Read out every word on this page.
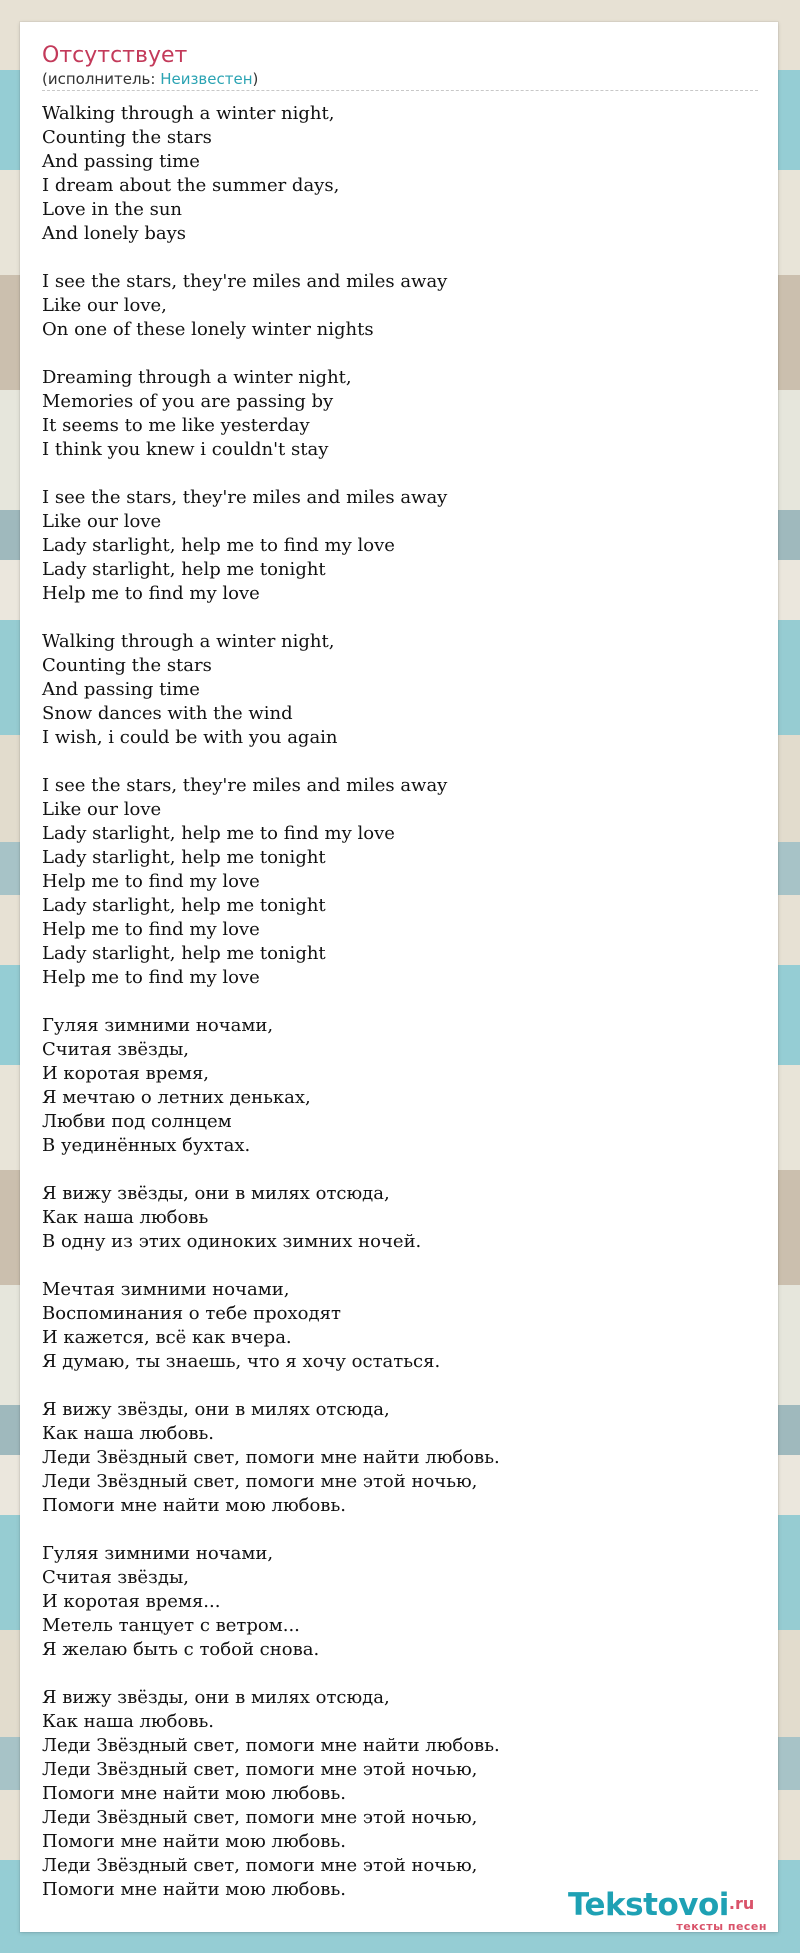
Отсутствует
(исполнитель: Неизвестен)
Walking through a winter night,
Counting the stars
And passing time
I dream about the summer days,
Love in the sun
And lonely bays
I see the stars, they're miles and miles away
Like our love,
On one of these lonely winter nights
Dreaming through a winter night,
Memories of you are passing by
It seems to me like yesterday
I think you knew i couldn't stay
I see the stars, they're miles and miles away
Like our love
Lady starlight, help me to find my love
Lady starlight, help me tonight
Help me to find my love
Walking through a winter night,
Counting the stars
And passing time
Snow dances with the wind
I wish, i could be with you again
I see the stars, they're miles and miles away
Like our love
Lady starlight, help me to find my love
Lady starlight, help me tonight
Help me to find my love
Lady starlight, help me tonight
Help me to find my love
Lady starlight, help me tonight
Help me to find my love
Гуляя зимними ночами,
Считая звёзды,
И коротая время,
Я мечтаю о летних деньках,
Любви под солнцем
В уединённых бухтах.
Я вижу звёзды, они в милях отсюда,
Как наша любовь
В одну из этих одиноких зимних ночей.
Мечтая зимними ночами,
Воспоминания о тебе проходят
И кажется, всё как вчера.
Я думаю, ты знаешь, что я хочу остаться.
Я вижу звёзды, они в милях отсюда,
Как наша любовь.
Леди Звёздный свет, помоги мне найти любовь.
Леди Звёздный свет, помоги мне этой ночью,
Помоги мне найти мою любовь.
Гуляя зимними ночами,
Считая звёзды,
И коротая время...
Метель танцует с ветром...
Я желаю быть с тобой снова.
Я вижу звёзды, они в милях отсюда,
Как наша любовь.
Леди Звёздный свет, помоги мне найти любовь.
Леди Звёздный свет, помоги мне этой ночью,
Помоги мне найти мою любовь.
Леди Звёздный свет, помоги мне этой ночью,
Помоги мне найти мою любовь.
Леди Звёздный свет, помоги мне этой ночью,
Помоги мне найти мою любовь.	Tekstovoi.ru
тексты песен
